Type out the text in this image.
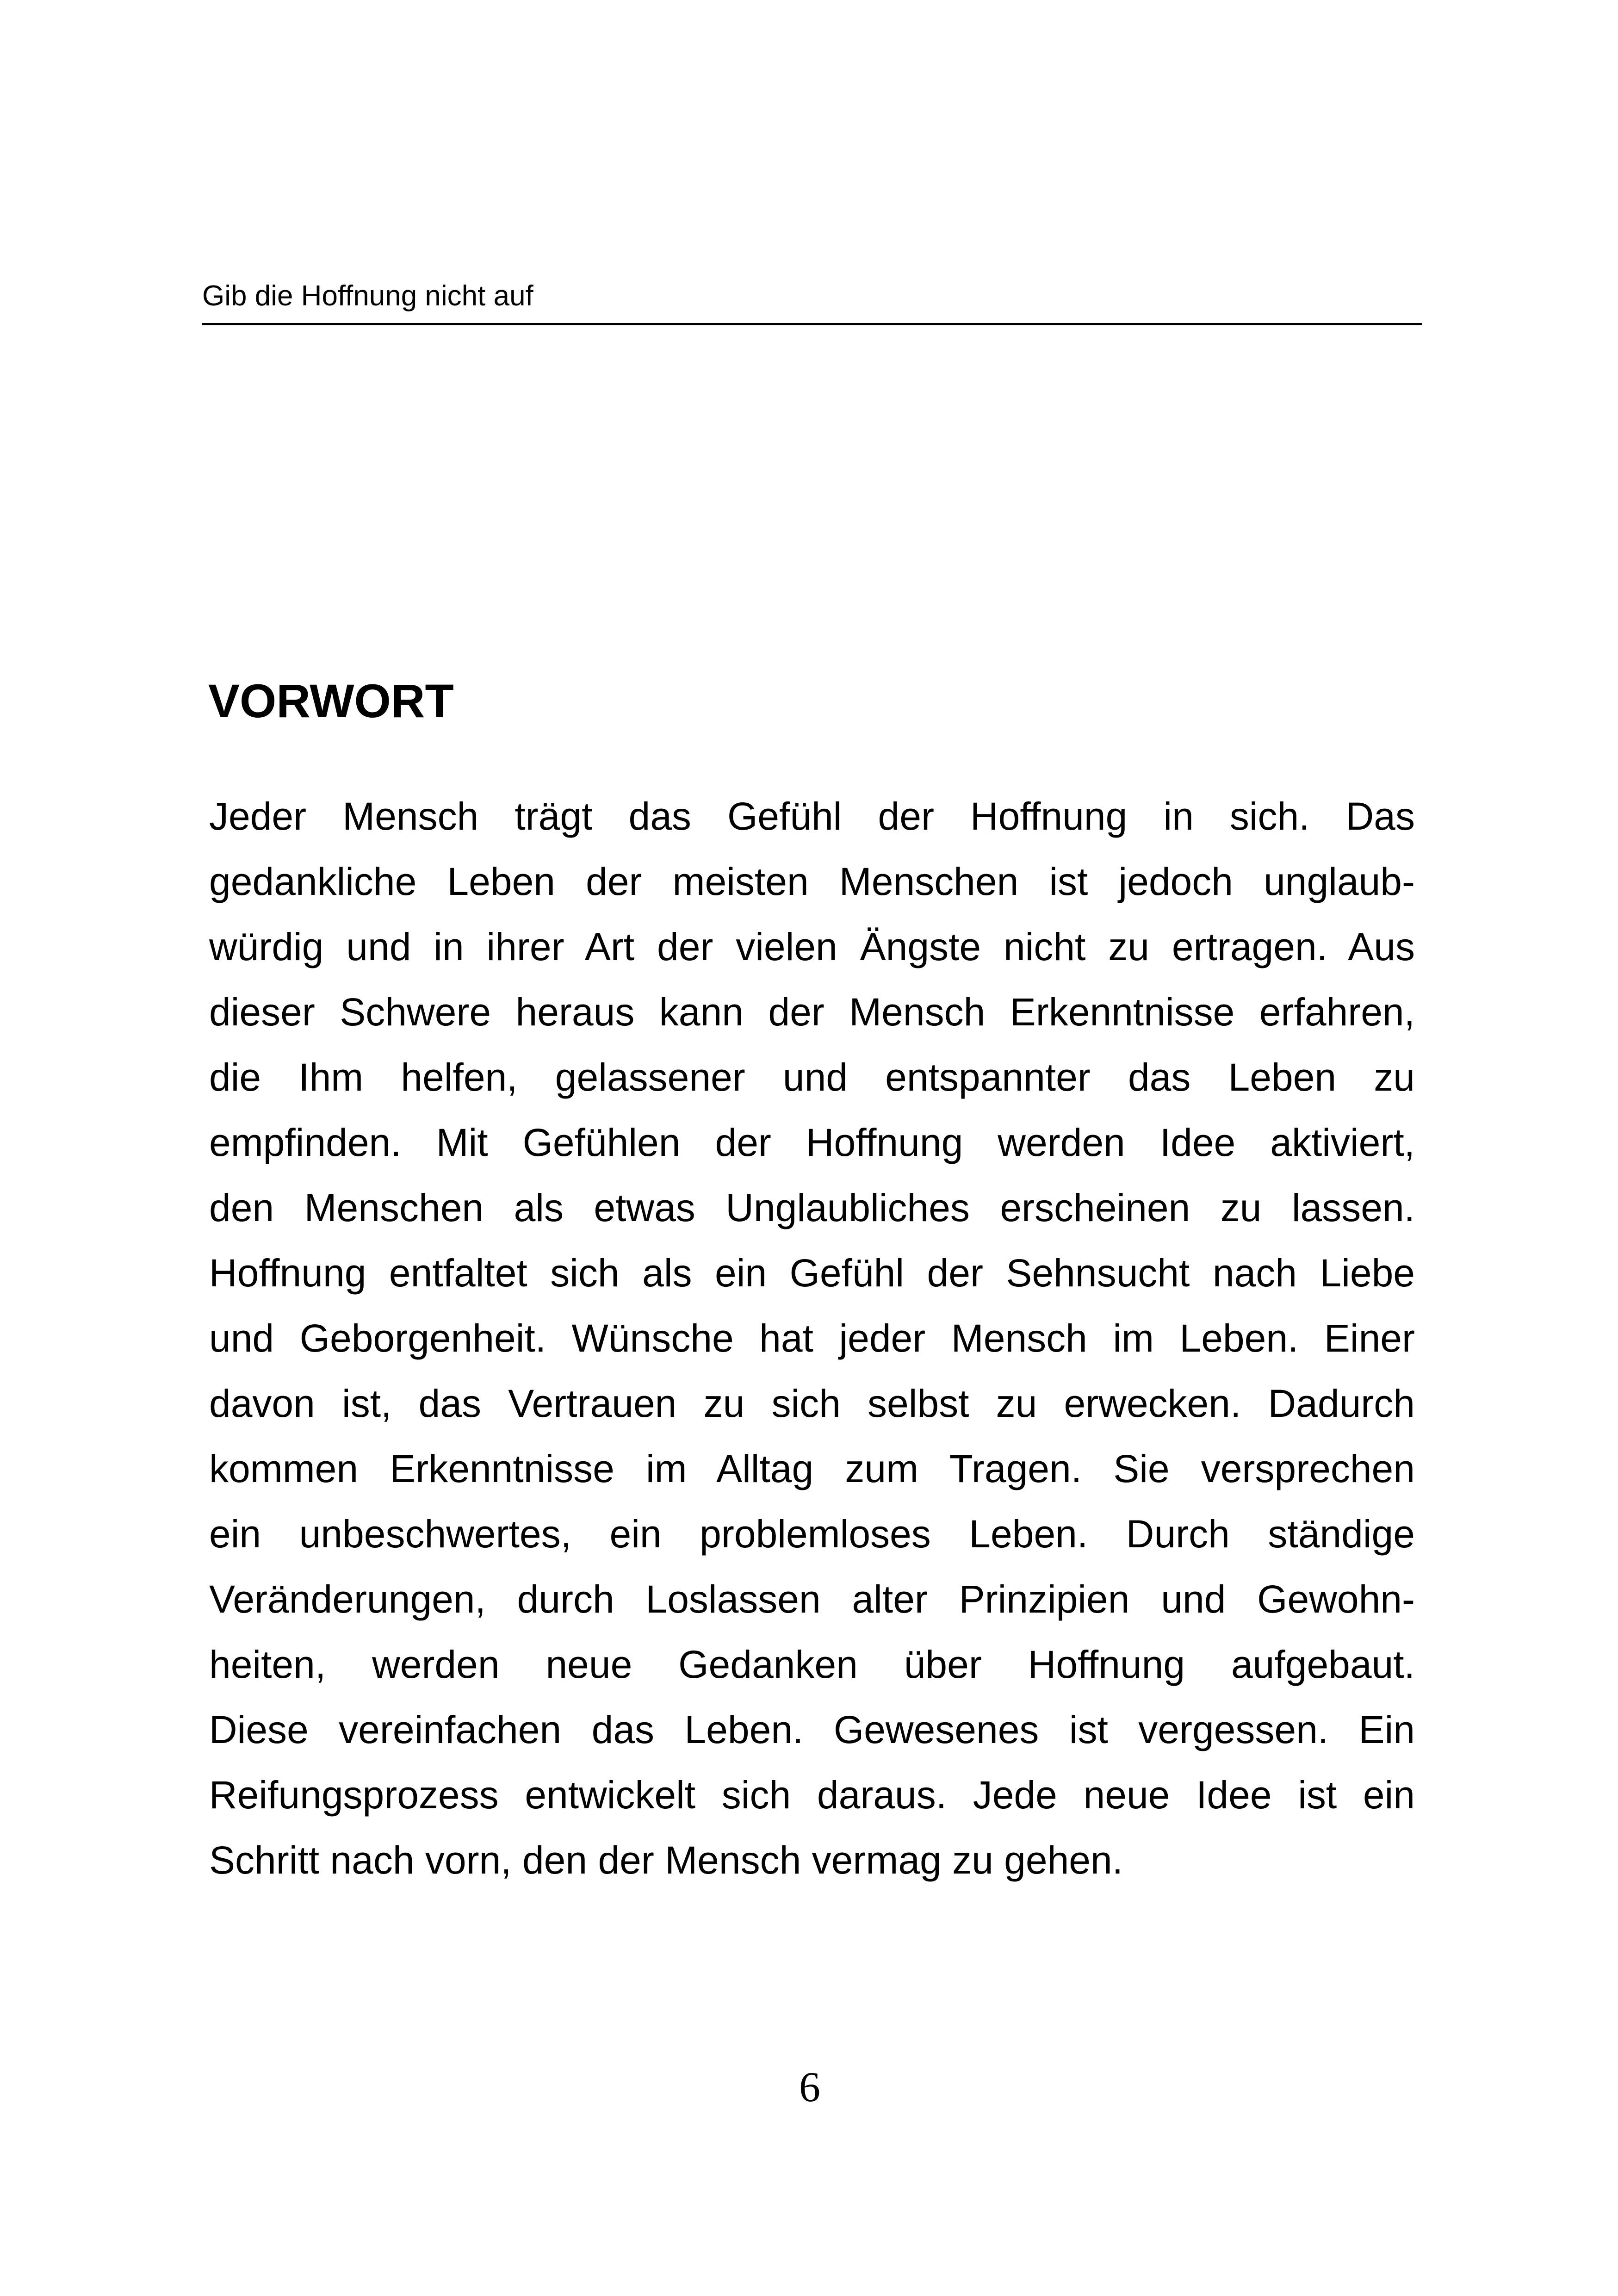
Gib die Hoffnung nicht auf
VORWORT
Jeder Mensch trägt das Gefühl der Hoffnung in sich. Das
gedankliche Leben der meisten Menschen ist jedoch unglaub-
würdig und in ihrer Art der vielen Ängste nicht zu ertragen. Aus
dieser Schwere heraus kann der Mensch Erkenntnisse erfahren,
die Ihm helfen, gelassener und entspannter das Leben zu
empfinden. Mit Gefühlen der Hoffnung werden Idee aktiviert,
den Menschen als etwas Unglaubliches erscheinen zu lassen.
Hoffnung entfaltet sich als ein Gefühl der Sehnsucht nach Liebe
und Geborgenheit. Wünsche hat jeder Mensch im Leben. Einer
davon ist, das Vertrauen zu sich selbst zu erwecken. Dadurch
kommen Erkenntnisse im Alltag zum Tragen. Sie versprechen
ein unbeschwertes, ein problemloses Leben. Durch ständige
Veränderungen, durch Loslassen alter Prinzipien und Gewohn-
heiten, werden neue Gedanken über Hoffnung aufgebaut.
Diese vereinfachen das Leben. Gewesenes ist vergessen. Ein
Reifungsprozess entwickelt sich daraus. Jede neue Idee ist ein
Schritt nach vorn, den der Mensch vermag zu gehen.
6
